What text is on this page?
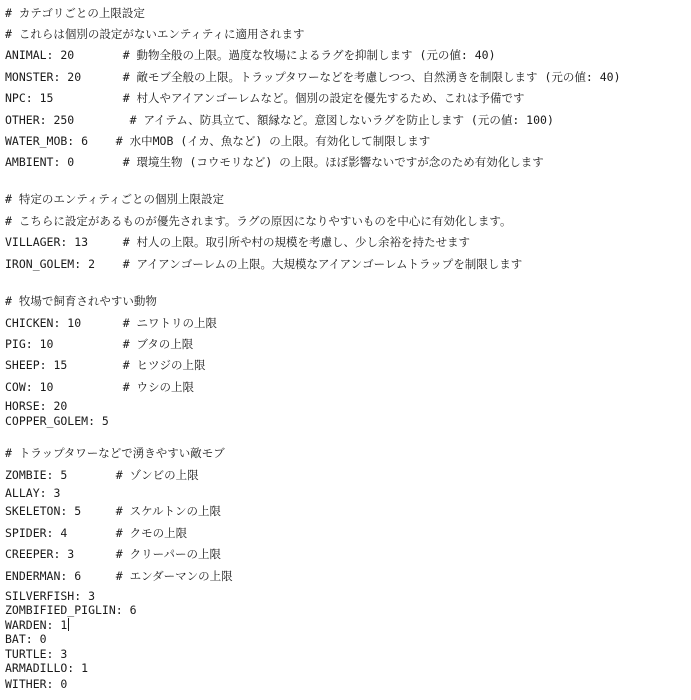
# カテゴリごとの上限設定
# これらは個別の設定がないエンティティに適用されます
ANIMAL: 20       # 動物全般の上限。過度な牧場によるラグを抑制します (元の値: 40)
MONSTER: 20      # 敵モブ全般の上限。トラップタワーなどを考慮しつつ、自然湧きを制限します (元の値: 40)
NPC: 15          # 村人やアイアンゴーレムなど。個別の設定を優先するため、これは予備です
OTHER: 250        # アイテム、防具立て、額縁など。意図しないラグを防止します (元の値: 100)
WATER_MOB: 6    # 水中MOB (イカ、魚など) の上限。有効化して制限します
AMBIENT: 0       # 環境生物 (コウモリなど) の上限。ほぼ影響ないですが念のため有効化します
# 特定のエンティティごとの個別上限設定
# こちらに設定があるものが優先されます。ラグの原因になりやすいものを中心に有効化します。
VILLAGER: 13     # 村人の上限。取引所や村の規模を考慮し、少し余裕を持たせます
IRON_GOLEM: 2    # アイアンゴーレムの上限。大規模なアイアンゴーレムトラップを制限します
# 牧場で飼育されやすい動物
CHICKEN: 10      # ニワトリの上限
PIG: 10          # ブタの上限
SHEEP: 15        # ヒツジの上限
COW: 10          # ウシの上限
HORSE: 20
COPPER_GOLEM: 5
# トラップタワーなどで湧きやすい敵モブ
ZOMBIE: 5       # ゾンビの上限
ALLAY: 3
SKELETON: 5     # スケルトンの上限
SPIDER: 4       # クモの上限
CREEPER: 3      # クリーパーの上限
ENDERMAN: 6     # エンダーマンの上限
SILVERFISH: 3
ZOMBIFIED_PIGLIN: 6
WARDEN: 1
BAT: 0
TURTLE: 3
ARMADILLO: 1
WITHER: 0
